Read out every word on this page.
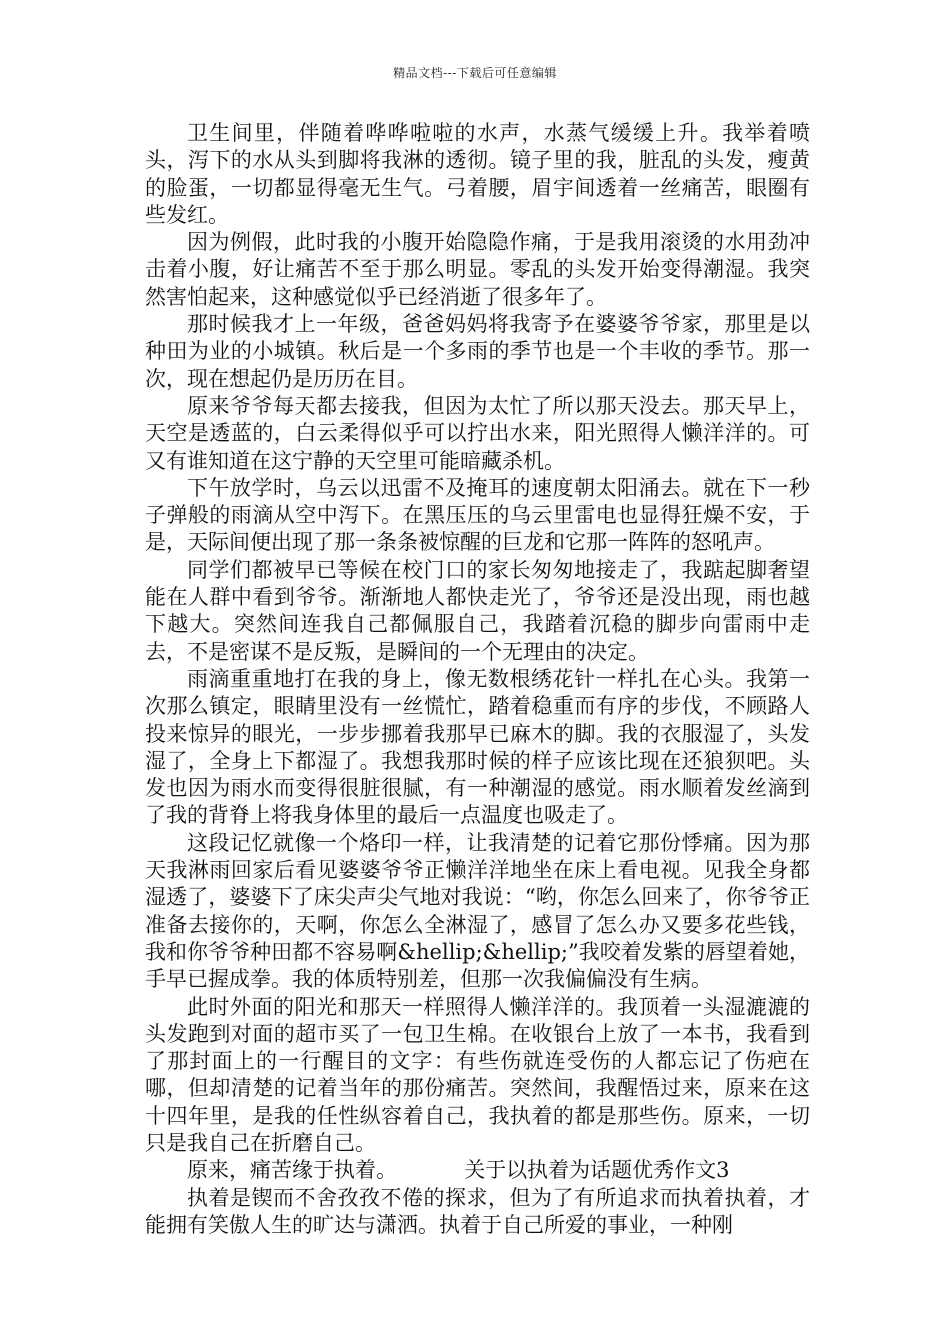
精品文档---下载后可任意编辑

卫生间里，伴随着哗哗啦啦的水声，水蒸气缓缓上升。我举着喷头，泻下的水从头到脚将我淋的透彻。镜子里的我，脏乱的头发，瘦黄的脸蛋，一切都显得毫无生气。弓着腰，眉宇间透着一丝痛苦，眼圈有些发红。

因为例假，此时我的小腹开始隐隐作痛，于是我用滚烫的水用劲冲击着小腹，好让痛苦不至于那么明显。零乱的头发开始变得潮湿。我突然害怕起来，这种感觉似乎已经消逝了很多年了。

那时候我才上一年级，爸爸妈妈将我寄予在婆婆爷爷家，那里是以种田为业的小城镇。秋后是一个多雨的季节也是一个丰收的季节。那一次，现在想起仍是历历在目。

原来爷爷每天都去接我，但因为太忙了所以那天没去。那天早上，天空是透蓝的，白云柔得似乎可以拧出水来，阳光照得人懒洋洋的。可又有谁知道在这宁静的天空里可能暗藏杀机。

下午放学时，乌云以迅雷不及掩耳的速度朝太阳涌去。就在下一秒子弹般的雨滴从空中泻下。在黑压压的乌云里雷电也显得狂燥不安，于是，天际间便出现了那一条条被惊醒的巨龙和它那一阵阵的怒吼声。

同学们都被早已等候在校门口的家长匆匆地接走了，我踮起脚奢望能在人群中看到爷爷。渐渐地人都快走光了，爷爷还是没出现，雨也越下越大。突然间连我自己都佩服自己，我踏着沉稳的脚步向雷雨中走去，不是密谋不是反叛，是瞬间的一个无理由的决定。

雨滴重重地打在我的身上，像无数根绣花针一样扎在心头。我第一次那么镇定，眼睛里没有一丝慌忙，踏着稳重而有序的步伐，不顾路人投来惊异的眼光，一步步挪着我那早已麻木的脚。我的衣服湿了，头发湿了，全身上下都湿了。我想我那时候的样子应该比现在还狼狈吧。头发也因为雨水而变得很脏很腻，有一种潮湿的感觉。雨水顺着发丝滴到了我的背脊上将我身体里的最后一点温度也吸走了。

这段记忆就像一个烙印一样，让我清楚的记着它那份悸痛。因为那天我淋雨回家后看见婆婆爷爷正懒洋洋地坐在床上看电视。见我全身都湿透了，婆婆下了床尖声尖气地对我说：“哟，你怎么回来了，你爷爷正准备去接你的，天啊，你怎么全淋湿了，感冒了怎么办又要多花些钱，我和你爷爷种田都不容易啊&hellip;&hellip;”我咬着发紫的唇望着她，手早已握成拳。我的体质特别差，但那一次我偏偏没有生病。

此时外面的阳光和那天一样照得人懒洋洋的。我顶着一头湿漉漉的头发跑到对面的超市买了一包卫生棉。在收银台上放了一本书，我看到了那封面上的一行醒目的文字：有些伤就连受伤的人都忘记了伤疤在哪，但却清楚的记着当年的那份痛苦。突然间，我醒悟过来，原来在这十四年里，是我的任性纵容着自己，我执着的都是那些伤。原来，一切只是我自己在折磨自己。

原来，痛苦缘于执着。	关于以执着为话题优秀作文3

执着是锲而不舍孜孜不倦的探求，但为了有所追求而执着执着，才能拥有笑傲人生的旷达与潇洒。执着于自己所爱的事业，一种刚
